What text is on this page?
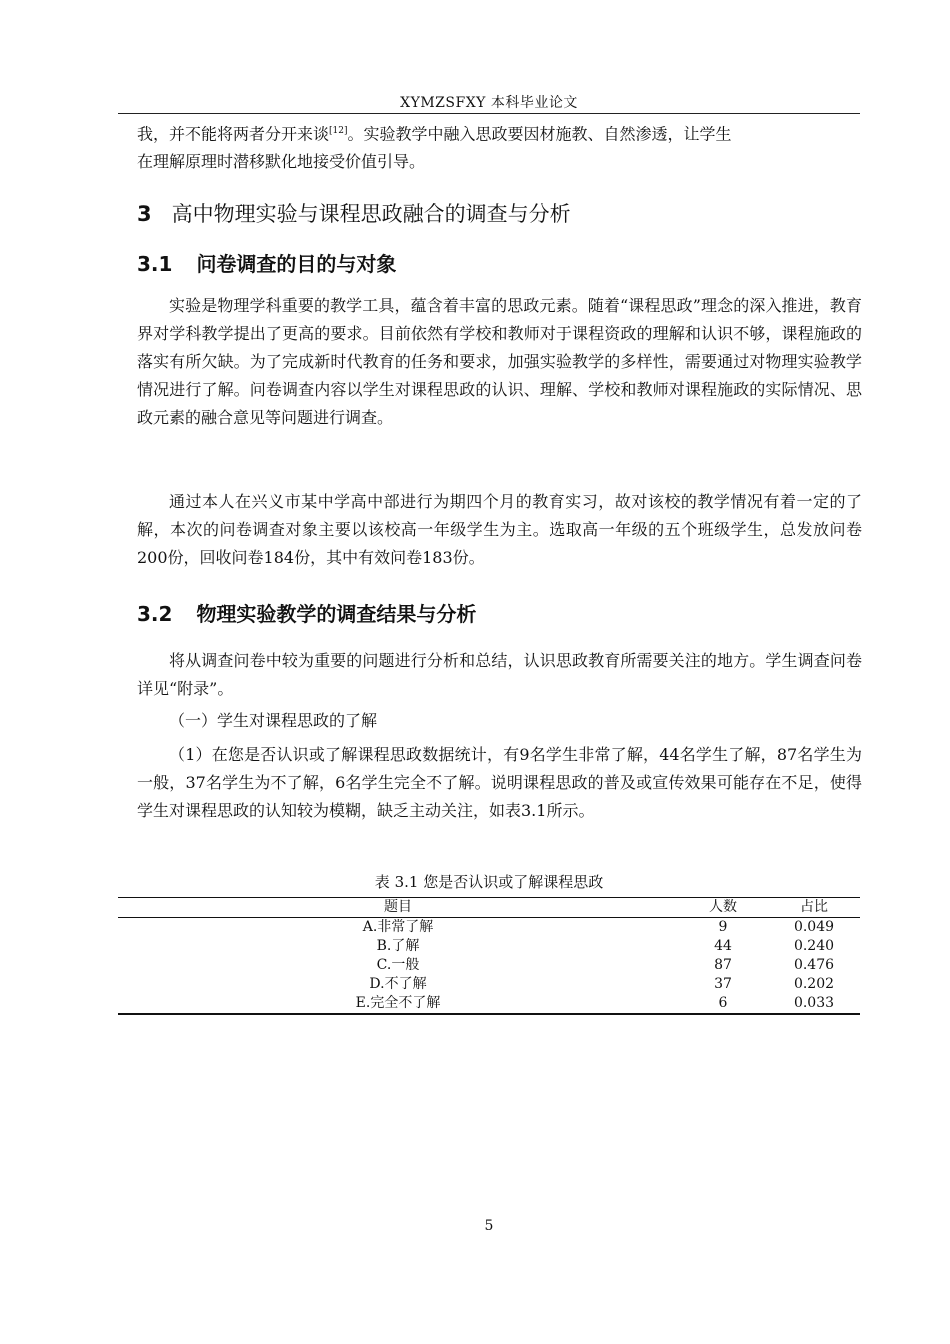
XYMZSFXY 本科毕业论文

我，并不能将两者分开来谈[12]。实验教学中融入思政要因材施教、自然渗透，让学生
在理解原理时潜移默化地接受价值引导。

3 高中物理实验与课程思政融合的调查与分析
3.1 问卷调查的目的与对象

实验是物理学科重要的教学工具，蕴含着丰富的思政元素。随着“课程思政”理念的深入推进，教育界对学科教学提出了更高的要求。目前依然有学校和教师对于课程资政的理解和认识不够，课程施政的落实有所欠缺。为了完成新时代教育的任务和要求，加强实验教学的多样性，需要通过对物理实验教学情况进行了解。问卷调查内容以学生对课程思政的认识、理解、学校和教师对课程施政的实际情况、思政元素的融合意见等问题进行调查。

通过本人在兴义市某中学高中部进行为期四个月的教育实习，故对该校的教学情况有着一定的了解，本次的问卷调查对象主要以该校高一年级学生为主。选取高一年级的五个班级学生，总发放问卷200份，回收问卷184份，其中有效问卷183份。

3.2 物理实验教学的调查结果与分析

将从调查问卷中较为重要的问题进行分析和总结，认识思政教育所需要关注的地方。学生调查问卷详见“附录”。

（一）学生对课程思政的了解

（1）在您是否认识或了解课程思政数据统计，有9名学生非常了解，44名学生了解，87名学生为一般，37名学生为不了解，6名学生完全不了解。说明课程思政的普及或宣传效果可能存在不足，使得学生对课程思政的认知较为模糊，缺乏主动关注，如表3.1所示。

表 3.1 您是否认识或了解课程思政
题目	人数	占比
A.非常了解	9	0.049
B.了解	44	0.240
C.一般	87	0.476
D.不了解	37	0.202
E.完全不了解	6	0.033
5
